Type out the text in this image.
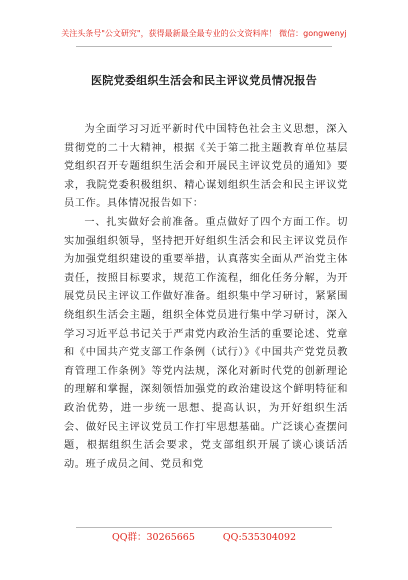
关注头条号"公文研究"，获得最新最全最专业的公文资料库！ 微信：gongwenyj
医院党委组织生活会和民主评议党员情况报告

为全面学习习近平新时代中国特色社会主义思想，深入贯彻党的二十大精神，根据《关于第二批主题教育单位基层党组织召开专题组织生活会和开展民主评议党员的通知》要求，我院党委积极组织、精心谋划组织生活会和民主评议党员工作。具体情况报告如下：

一、扎实做好会前准备。重点做好了四个方面工作。切实加强组织领导，坚持把开好组织生活会和民主评议党员作为加强党组织建设的重要举措，认真落实全面从严治党主体责任，按照目标要求，规范工作流程，细化任务分解，为开展党员民主评议工作做好准备。组织集中学习研讨，紧紧围绕组织生活会主题，组织全体党员进行集中学习研讨，深入学习习近平总书记关于严肃党内政治生活的重要论述、党章和《中国共产党支部工作条例（试行）》《中国共产党党员教育管理工作条例》等党内法规，深化对新时代党的创新理论的理解和掌握，深刻领悟加强党的政治建设这个鲜明特征和政治优势，进一步统一思想、提高认识，为开好组织生活会、做好民主评议党员工作打牢思想基础。广泛谈心查摆问题，根据组织生活会要求，党支部组织开展了谈心谈话活动。班子成员之间、党员和党

QQ群：30265665	QQ:535304092
